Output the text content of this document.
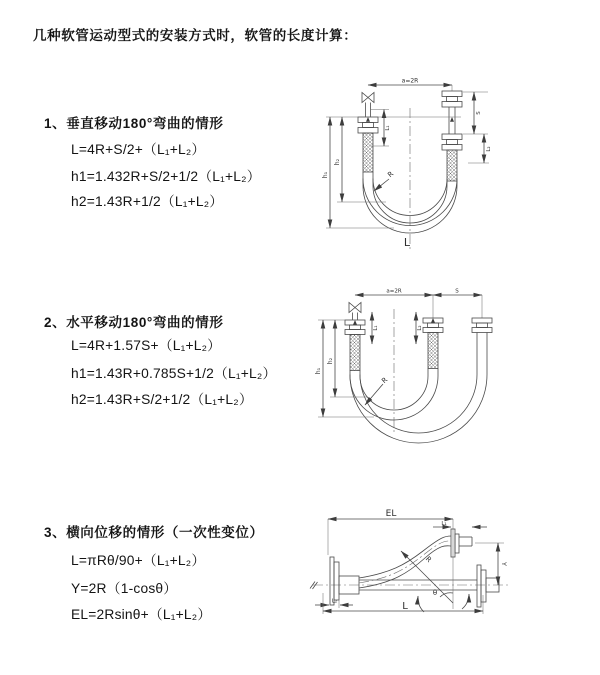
几种软管运动型式的安装方式时，软管的长度计算：
1、垂直移动180°弯曲的情形
L=4R+S/2+（L₁+L₂）
h1=1.432R+S/2+1/2（L₁+L₂）
h2=1.43R+1/2（L₁+L₂）
2、水平移动180°弯曲的情形
L=4R+1.57S+（L₁+L₂）
h1=1.43R+0.785S+1/2（L₁+L₂）
h2=1.43R+S/2+1/2（L₁+L₂）
3、横向位移的情形（一次性变位）
L=πRθ/90+（L₁+L₂）
Y=2R（1-cosθ）
EL=2Rsinθ+（L₁+L₂）
a=2R
h₁
h₂
L₁
S
L₂
R
L
a=2R	S
h₁
h₂
L₁	L₂
R
EL
L₁
R
θ
Y
L₂	L
